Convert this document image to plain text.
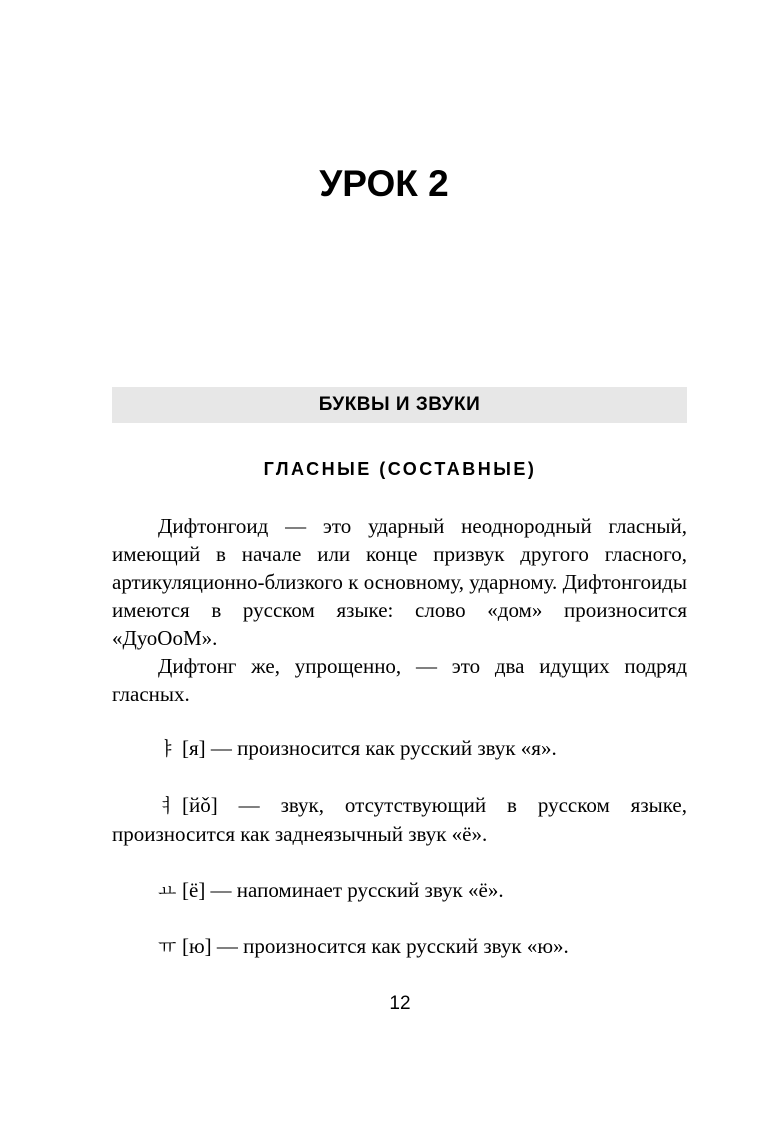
УРОК 2
БУКВЫ И ЗВУКИ
ГЛАСНЫЕ (СОСТАВНЫЕ)

Дифтонгоид — это ударный неоднородный гласный, имеющий в начале или конце призвук другого гласного, артикуляционно-близкого к основному, ударному. Дифтонгоиды имеются в русском языке: слово «дом» произносится «ДуоОоМ».

Дифтонг же, упрощенно, — это два идущих подряд гласных.

ㅑ [я] — произносится как русский звук «я».

ㅕ [йǒ] — звук, отсутствующий в русском языке, произносится как заднеязычный звук «ё».

ㅛ [ё] — напоминает русский звук «ё».

ㅠ [ю] — произносится как русский звук «ю».

12
